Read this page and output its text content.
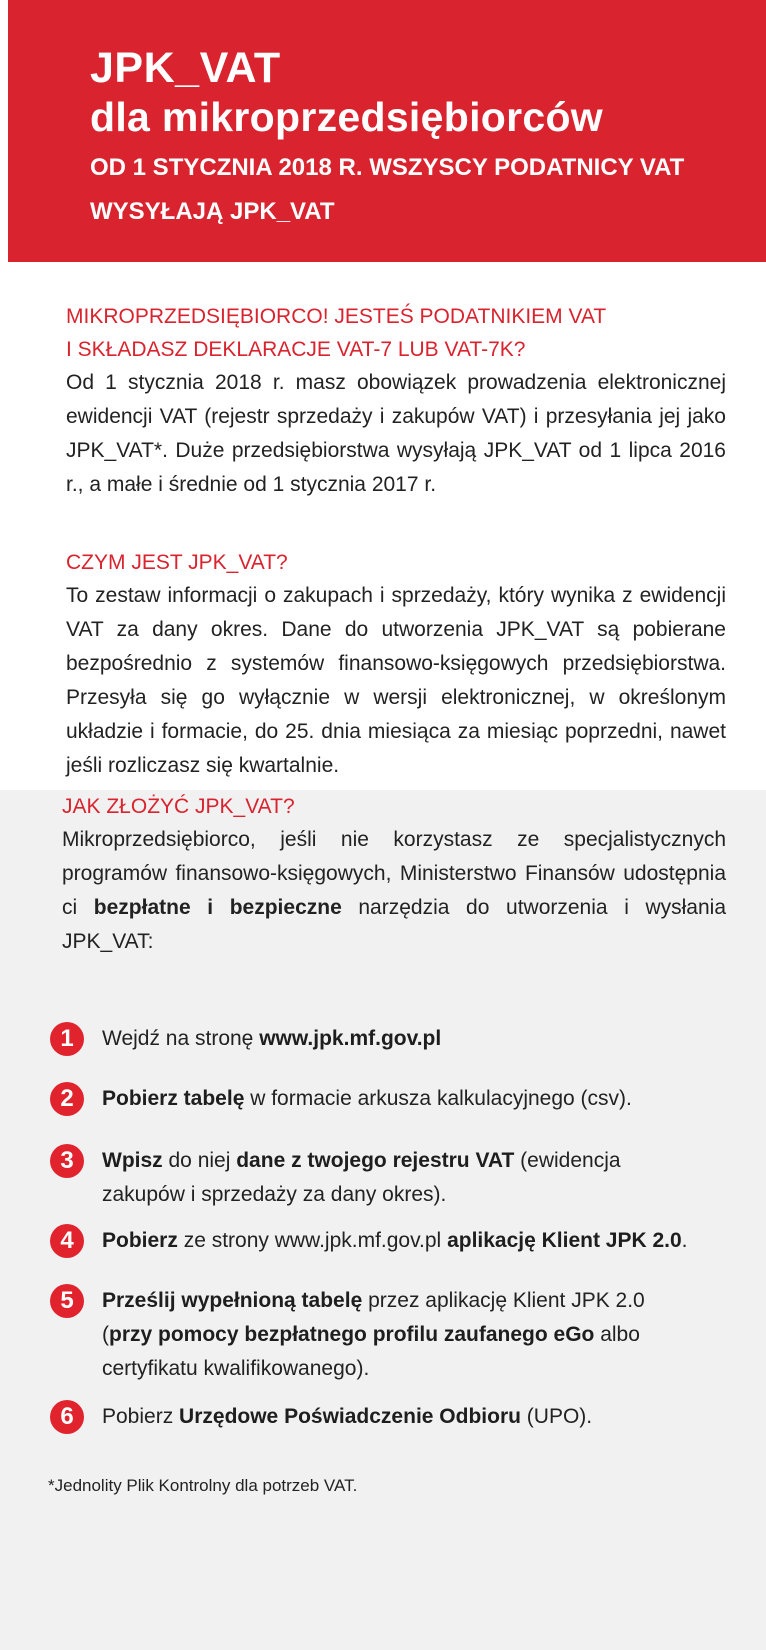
JPK_VAT
dla mikroprzedsiębiorców
OD 1 STYCZNIA 2018 R. WSZYSCY PODATNICY VAT WYSYŁAJĄ JPK_VAT
MIKROPRZEDSIĘBIORCO! JESTEŚ PODATNIKIEM VAT
I SKŁADASZ DEKLARACJE VAT-7 LUB VAT-7K?
Od 1 stycznia 2018 r. masz obowiązek prowadzenia elektronicznej ewidencji VAT (rejestr sprzedaży i zakupów VAT) i przesyłania jej jako JPK_VAT*. Duże przedsiębiorstwa wysyłają JPK_VAT od 1 lipca 2016 r., a małe i średnie od 1 stycznia 2017 r.
CZYM JEST JPK_VAT?
To zestaw informacji o zakupach i sprzedaży, który wynika z ewidencji VAT za dany okres. Dane do utworzenia JPK_VAT są pobierane bezpośrednio z systemów finansowo-księgowych przedsiębiorstwa. Przesyła się go wyłącznie w wersji elektronicznej, w określonym układzie i formacie, do 25. dnia miesiąca za miesiąc poprzedni, nawet jeśli rozliczasz się kwartalnie.
JAK ZŁOŻYĆ JPK_VAT?
Mikroprzedsiębiorco, jeśli nie korzystasz ze specjalistycznych programów finansowo-księgowych, Ministerstwo Finansów udostępnia ci bezpłatne i bezpieczne narzędzia do utworzenia i wysłania JPK_VAT:
1	Wejdź na stronę www.jpk.mf.gov.pl
2	Pobierz tabelę w formacie arkusza kalkulacyjnego (csv).
3	Wpisz do niej dane z twojego rejestru VAT (ewidencja zakupów i sprzedaży za dany okres).
4	Pobierz ze strony www.jpk.mf.gov.pl aplikację Klient JPK 2.0.
5	Prześlij wypełnioną tabelę przez aplikację Klient JPK 2.0 (przy pomocy bezpłatnego profilu zaufanego eGo albo certyfikatu kwalifikowanego).
6	Pobierz Urzędowe Poświadczenie Odbioru (UPO).
*Jednolity Plik Kontrolny dla potrzeb VAT.
